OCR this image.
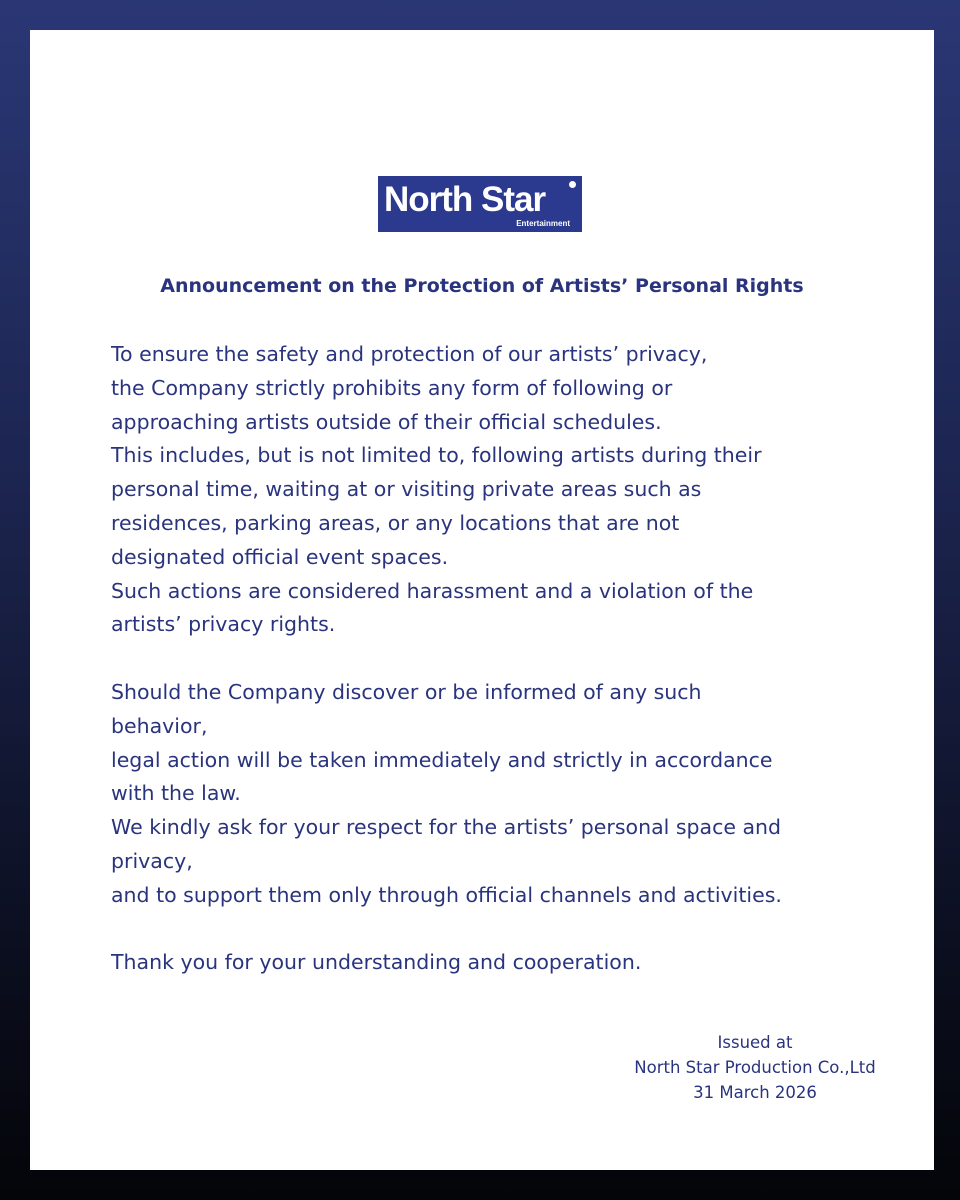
North Star
Entertainment
Announcement on the Protection of Artists’ Personal Rights
To ensure the safety and protection of our artists’ privacy,
the Company strictly prohibits any form of following or
approaching artists outside of their official schedules.
This includes, but is not limited to, following artists during their
personal time, waiting at or visiting private areas such as
residences, parking areas, or any locations that are not
designated official event spaces.
Such actions are considered harassment and a violation of the
artists’ privacy rights.
Should the Company discover or be informed of any such
behavior,
legal action will be taken immediately and strictly in accordance
with the law.
We kindly ask for your respect for the artists’ personal space and
privacy,
and to support them only through official channels and activities.
Thank you for your understanding and cooperation.
Issued at
North Star Production Co.,Ltd
31 March 2026
